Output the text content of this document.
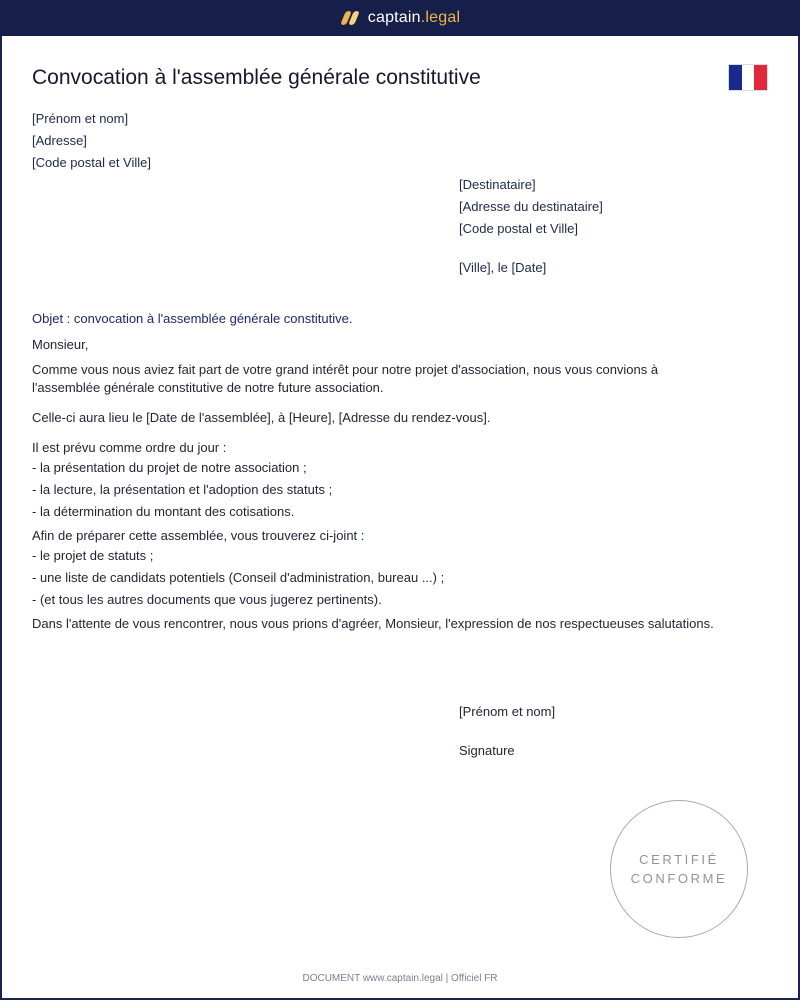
captain.legal
Convocation à l'assemblée générale constitutive
[Prénom et nom]
[Adresse]
[Code postal et Ville]
[Destinataire]
[Adresse du destinataire]
[Code postal et Ville]
[Ville], le [Date]

Objet : convocation à l'assemblée générale constitutive.

Monsieur,

Comme vous nous aviez fait part de votre grand intérêt pour notre projet d'association, nous vous convions à l'assemblée générale constitutive de notre future association.

Celle-ci aura lieu le [Date de l'assemblée], à [Heure], [Adresse du rendez-vous].

Il est prévu comme ordre du jour :

- la présentation du projet de notre association ;
- la lecture, la présentation et l'adoption des statuts ;
- la détermination du montant des cotisations.

Afin de préparer cette assemblée, vous trouverez ci-joint :

- le projet de statuts ;
- une liste de candidats potentiels (Conseil d'administration, bureau ...) ;
- (et tous les autres documents que vous jugerez pertinents).

Dans l'attente de vous rencontrer, nous vous prions d'agréer, Monsieur, l'expression de nos respectueuses salutations.

[Prénom et nom]
Signature
CERTIFIÉ
CONFORME
DOCUMENT www.captain.legal | Officiel FR
